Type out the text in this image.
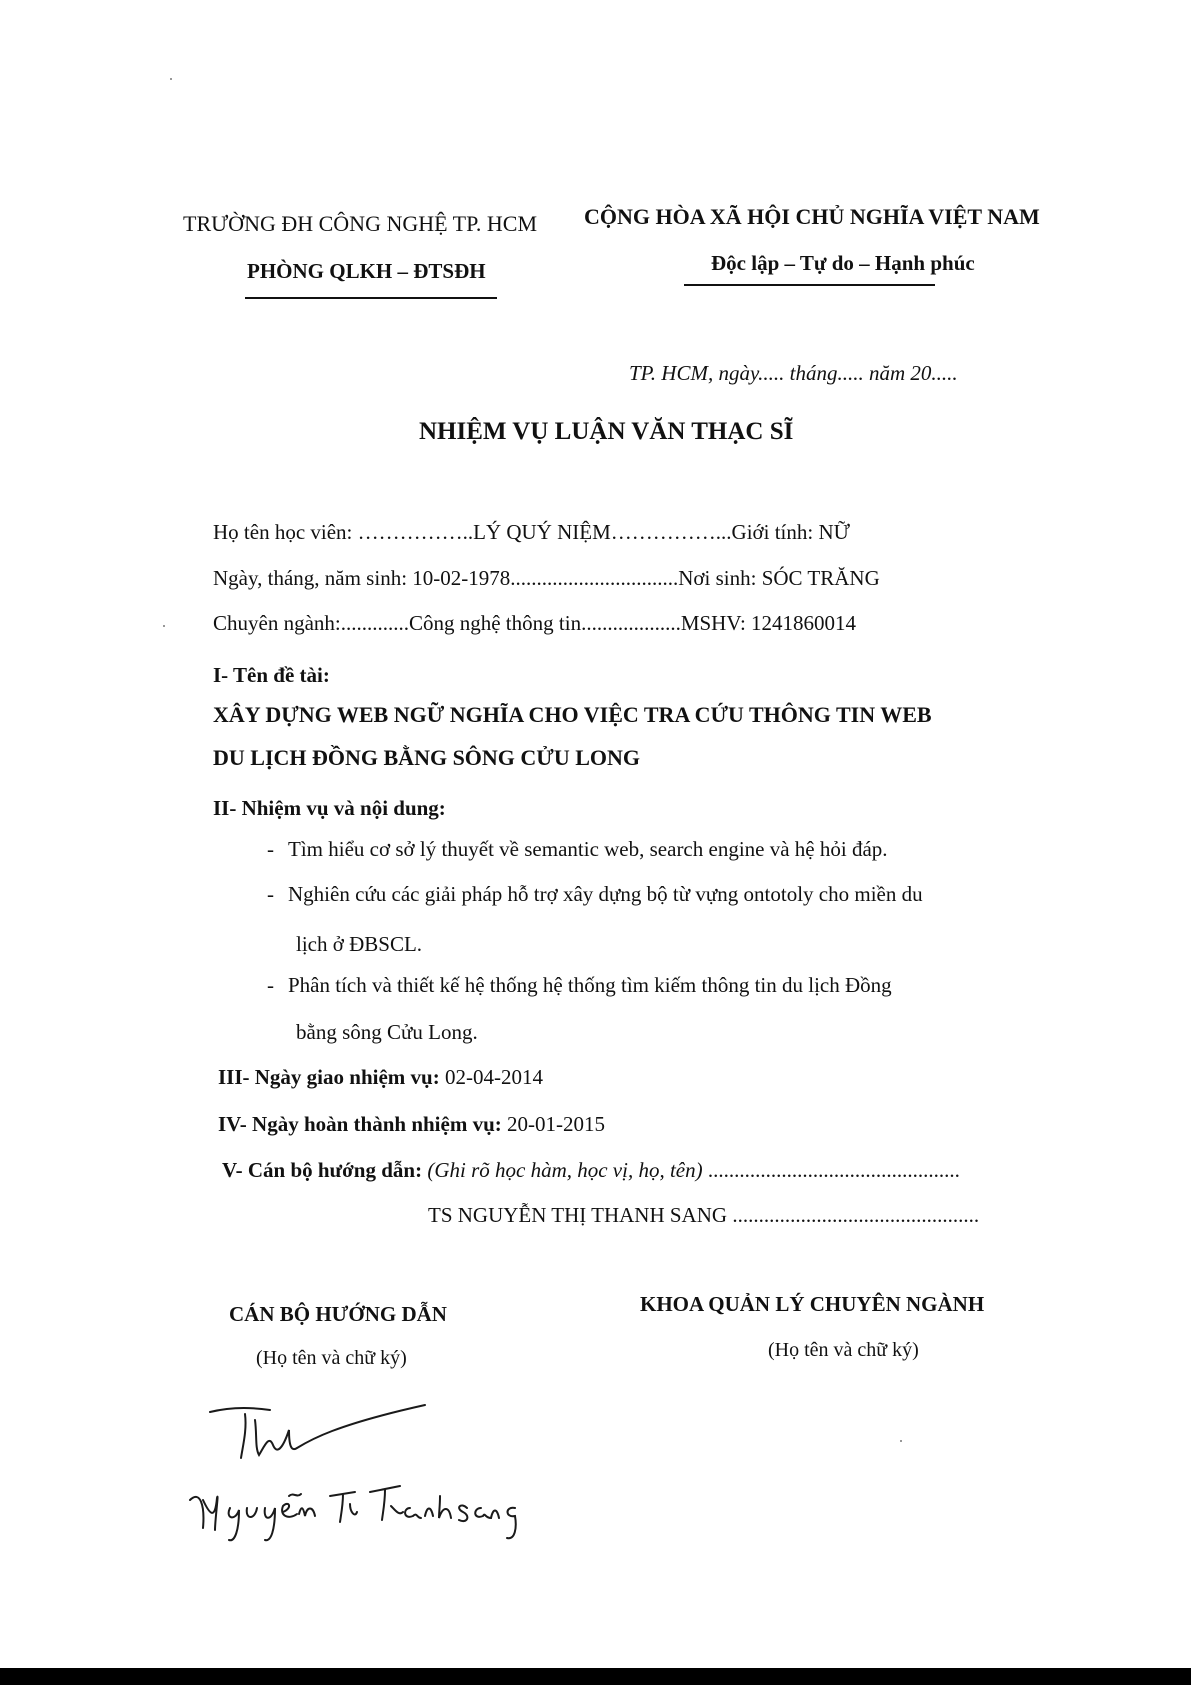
TRƯỜNG ĐH CÔNG NGHỆ TP. HCM CỘNG HÒA XÃ HỘI CHỦ NGHĨA VIỆT NAM
PHÒNG QLKH – ĐTSĐH	Độc lập – Tự do – Hạnh phúc
TP. HCM, ngày..... tháng..... năm 20.....
NHIỆM VỤ LUẬN VĂN THẠC SĨ
Họ tên học viên: ……………..LÝ QUÝ NIỆM……………...Giới tính: NỮ
Ngày, tháng, năm sinh: 10-02-1978................................Nơi sinh: SÓC TRĂNG
Chuyên ngành:.............Công nghệ thông tin...................MSHV: 1241860014
I- Tên đề tài:
XÂY DỰNG WEB NGỮ NGHĨA CHO VIỆC TRA CỨU THÔNG TIN WEB
DU LỊCH ĐỒNG BẰNG SÔNG CỬU LONG
II- Nhiệm vụ và nội dung:
- Tìm hiểu cơ sở lý thuyết về semantic web, search engine và hệ hỏi đáp.
- Nghiên cứu các giải pháp hỗ trợ xây dựng bộ từ vựng ontotoly cho miền du
lịch ở ĐBSCL.
- Phân tích và thiết kế hệ thống hệ thống tìm kiếm thông tin du lịch Đồng
bằng sông Cửu Long.
III- Ngày giao nhiệm vụ: 02-04-2014
IV- Ngày hoàn thành nhiệm vụ: 20-01-2015
V- Cán bộ hướng dẫn: (Ghi rõ học hàm, học vị, họ, tên) ................................................
TS NGUYỄN THỊ THANH SANG ...............................................
CÁN BỘ HƯỚNG DẪN
(Họ tên và chữ ký)
KHOA QUẢN LÝ CHUYÊN NGÀNH
(Họ tên và chữ ký)
